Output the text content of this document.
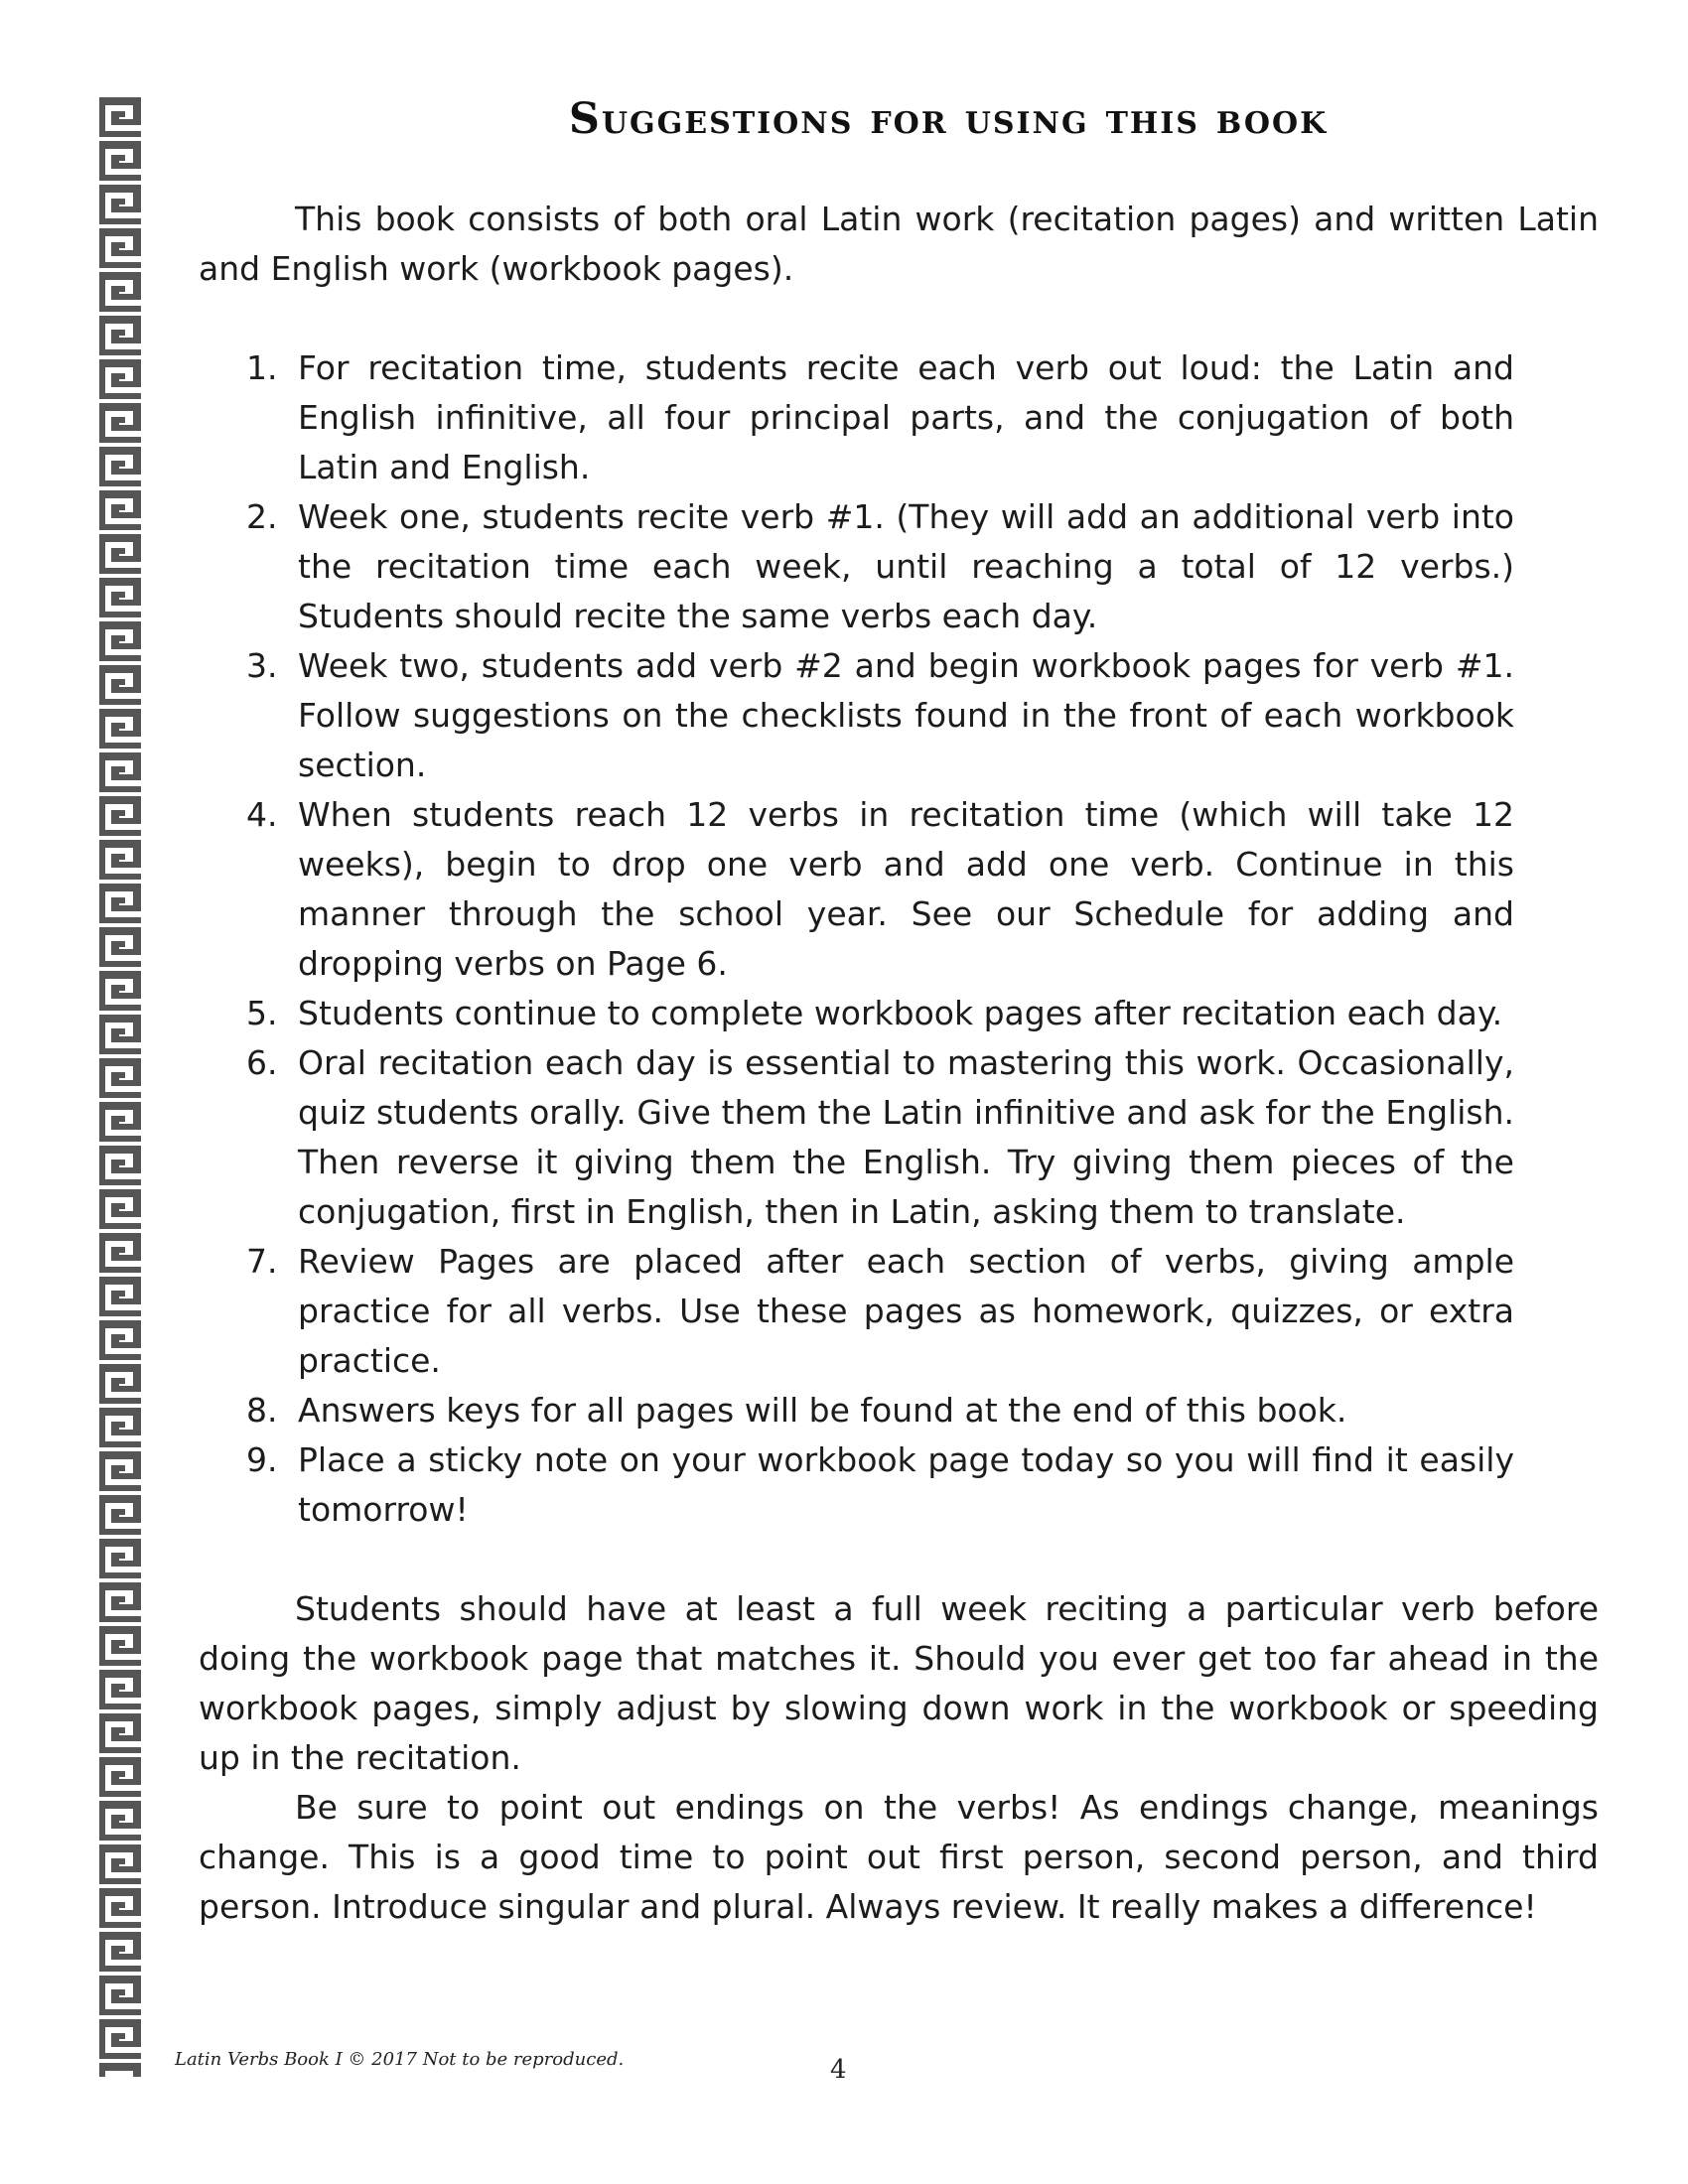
Suggestions for using this book

This book consists of both oral Latin work (recitation pages) and written Latin and English work (workbook pages).

1. For recitation time, students recite each verb out loud: the Latin and English infinitive, all four principal parts, and the conjugation of both Latin and English.
2. Week one, students recite verb #1. (They will add an additional verb into the recitation time each week, until reaching a total of 12 verbs.) Students should recite the same verbs each day.
3. Week two, students add verb #2 and begin workbook pages for verb #1. Follow suggestions on the checklists found in the front of each workbook section.
4. When students reach 12 verbs in recitation time (which will take 12 weeks), begin to drop one verb and add one verb. Continue in this manner through the school year. See our Schedule for adding and dropping verbs on Page 6.
5. Students continue to complete workbook pages after recitation each day.
6. Oral recitation each day is essential to mastering this work. Occasionally, quiz students orally. Give them the Latin infinitive and ask for the English. Then reverse it giving them the English. Try giving them pieces of the conjugation, first in English, then in Latin, asking them to translate.
7. Review Pages are placed after each section of verbs, giving ample practice for all verbs. Use these pages as homework, quizzes, or extra practice.
8. Answers keys for all pages will be found at the end of this book.
9. Place a sticky note on your workbook page today so you will find it easily tomorrow!

Students should have at least a full week reciting a particular verb before doing the workbook page that matches it. Should you ever get too far ahead in the workbook pages, simply adjust by slowing down work in the workbook or speeding up in the recitation.

Be sure to point out endings on the verbs! As endings change, meanings change. This is a good time to point out first person, second person, and third person. Introduce singular and plural. Always review. It really makes a difference!

Latin Verbs Book I © 2017 Not to be reproduced.	4
